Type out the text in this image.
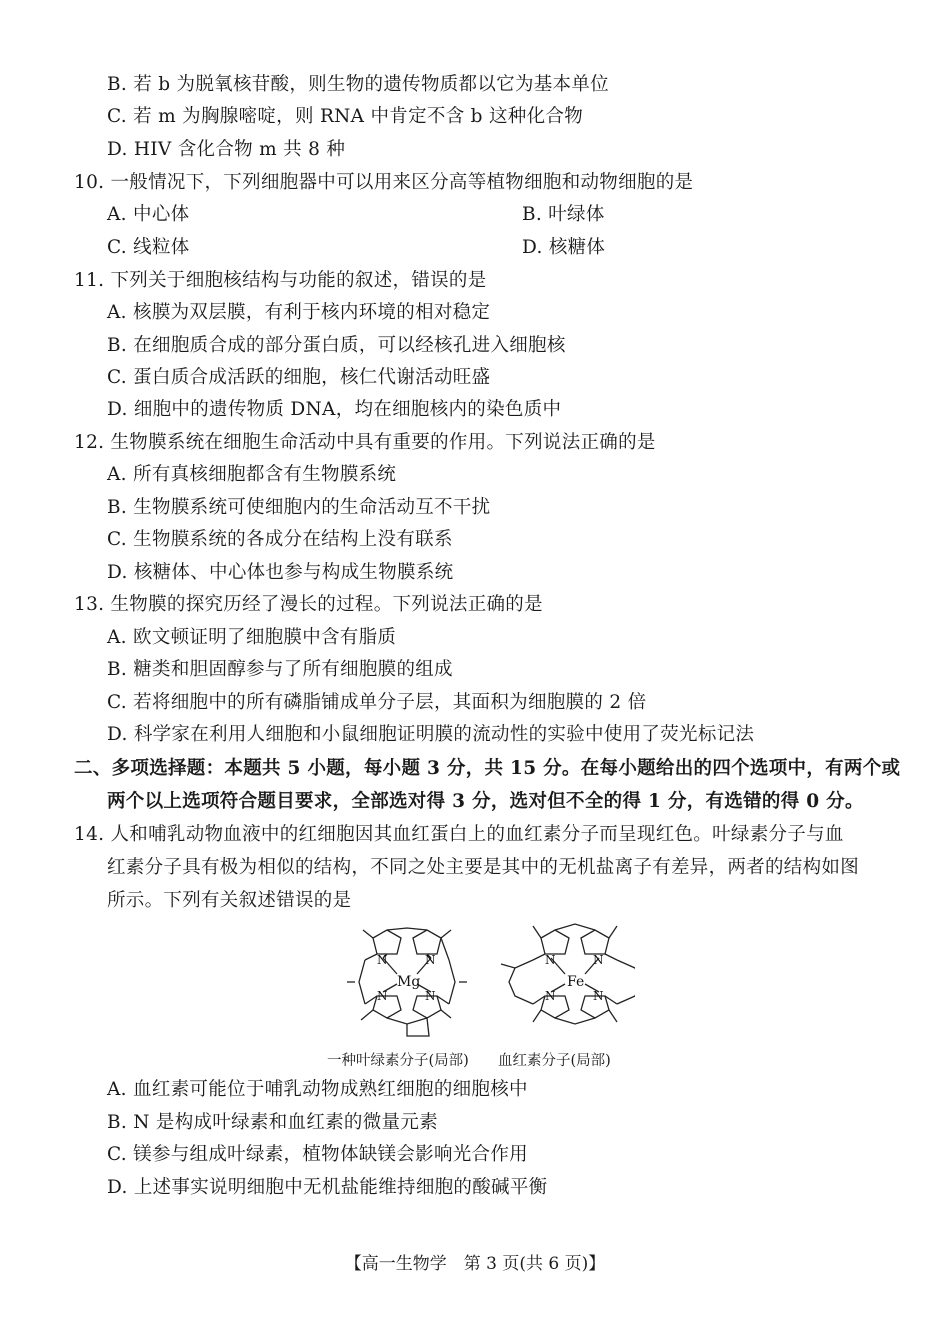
B. 若 b 为脱氧核苷酸，则生物的遗传物质都以它为基本单位
C. 若 m 为胸腺嘧啶，则 RNA 中肯定不含 b 这种化合物
D. HIV 含化合物 m 共 8 种
10. 一般情况下，下列细胞器中可以用来区分高等植物细胞和动物细胞的是
A. 中心体	B. 叶绿体
C. 线粒体	D. 核糖体
11. 下列关于细胞核结构与功能的叙述，错误的是
A. 核膜为双层膜，有利于核内环境的相对稳定
B. 在细胞质合成的部分蛋白质，可以经核孔进入细胞核
C. 蛋白质合成活跃的细胞，核仁代谢活动旺盛
D. 细胞中的遗传物质 DNA，均在细胞核内的染色质中
12. 生物膜系统在细胞生命活动中具有重要的作用。下列说法正确的是
A. 所有真核细胞都含有生物膜系统
B. 生物膜系统可使细胞内的生命活动互不干扰
C. 生物膜系统的各成分在结构上没有联系
D. 核糖体、中心体也参与构成生物膜系统
13. 生物膜的探究历经了漫长的过程。下列说法正确的是
A. 欧文顿证明了细胞膜中含有脂质
B. 糖类和胆固醇参与了所有细胞膜的组成
C. 若将细胞中的所有磷脂铺成单分子层，其面积为细胞膜的 2 倍
D. 科学家在利用人细胞和小鼠细胞证明膜的流动性的实验中使用了荧光标记法
二、多项选择题：本题共 5 小题，每小题 3 分，共 15 分。在每小题给出的四个选项中，有两个或
两个以上选项符合题目要求，全部选对得 3 分，选对但不全的得 1 分，有选错的得 0 分。
14. 人和哺乳动物血液中的红细胞因其血红蛋白上的血红素分子而呈现红色。叶绿素分子与血
红素分子具有极为相似的结构，不同之处主要是其中的无机盐离子有差异，两者的结构如图
所示。下列有关叙述错误的是
N	N
N	N
Mg
N	N
N	N
Fe
一种叶绿素分子(局部) 血红素分子(局部)
A. 血红素可能位于哺乳动物成熟红细胞的细胞核中
B. N 是构成叶绿素和血红素的微量元素
C. 镁参与组成叶绿素，植物体缺镁会影响光合作用
D. 上述事实说明细胞中无机盐能维持细胞的酸碱平衡
【高一生物学　第 3 页(共 6 页)】
